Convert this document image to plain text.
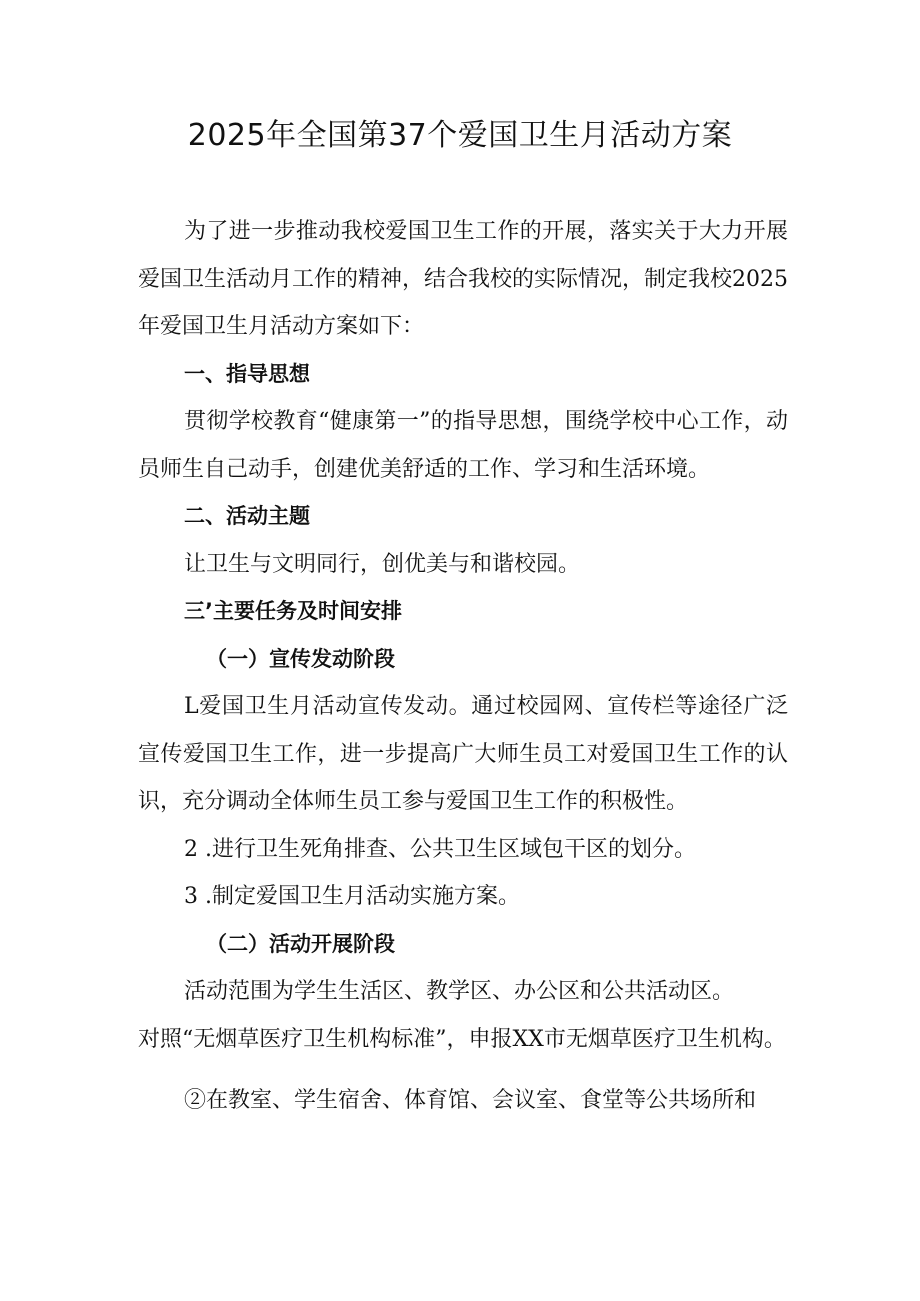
2025年全国第37个爱国卫生月活动方案

为了进一步推动我校爱国卫生工作的开展，落实关于大力开展爱国卫生活动月工作的精神，结合我校的实际情况，制定我校2025年爱国卫生月活动方案如下：

一、指导思想

贯彻学校教育“健康第一”的指导思想，围绕学校中心工作，动员师生自己动手，创建优美舒适的工作、学习和生活环境。

二、活动主题

让卫生与文明同行，创优美与和谐校园。

三’主要任务及时间安排

（一）宣传发动阶段

L爱国卫生月活动宣传发动。通过校园网、宣传栏等途径广泛宣传爱国卫生工作，进一步提高广大师生员工对爱国卫生工作的认识，充分调动全体师生员工参与爱国卫生工作的积极性。

2 .进行卫生死角排查、公共卫生区域包干区的划分。

3 .制定爱国卫生月活动实施方案。

（二）活动开展阶段

活动范围为学生生活区、教学区、办公区和公共活动区。

对照“无烟草医疗卫生机构标准”，申报XX市无烟草医疗卫生机构。

②在教室、学生宿舍、体育馆、会议室、食堂等公共场所和
